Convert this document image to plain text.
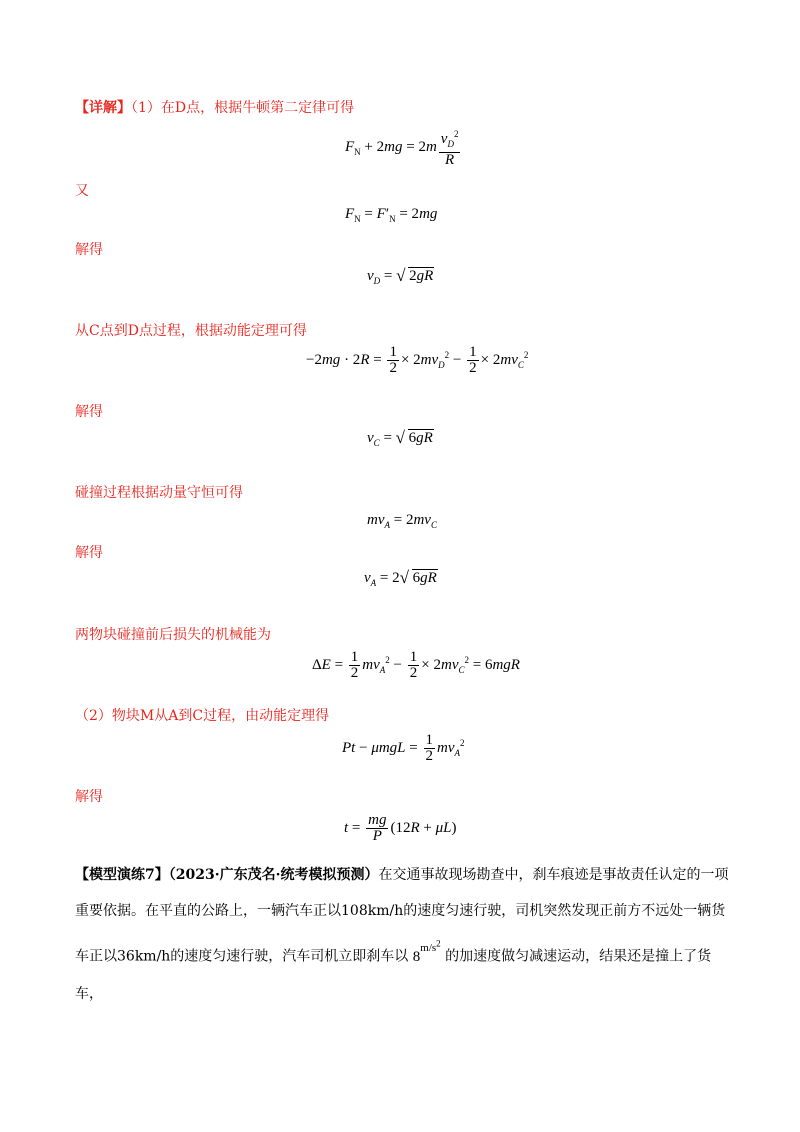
【详解】（1）在D点，根据牛顿第二定律可得
$F_N + 2mg = 2m \frac{v_D^2}{R}$
又
$F_N = F'_N = 2mg$
解得
$v_D$ = √ 2gR
从C点到D点过程，根据动能定理可得
$-2mg \cdot 2R = \frac{1}{2} \times 2mv_D^2 - \frac{1}{2} \times 2mv_C^2$
解得
$v_C$ = √ 6gR
碰撞过程根据动量守恒可得
$mv_A = 2mv_C$
解得
$v_A = 2√$ 6gR
两物块碰撞前后损失的机械能为
$\Delta E = \frac{1}{2} mv_A^2 - \frac{1}{2} \times 2mv_C^2 = 6mgR$
（2）物块M从A到C过程，由动能定理得
$Pt - \mu mgL = \frac{1}{2} mv_A^2$
解得
$t = \frac{mg}{P} (12R + \mu L)$
【模型演练7】（2023·广东茂名·统考模拟预测）在交通事故现场勘查中，刹车痕迹是事故责任认定的一项
重要依据。在平直的公路上，一辆汽车正以108km/h的速度匀速行驶，司机突然发现正前方不远处一辆货
车正以36km/h的速度匀速行驶，汽车司机立即刹车以 $8^{m/s^2}$ 的加速度做匀减速运动，结果还是撞上了货车，
